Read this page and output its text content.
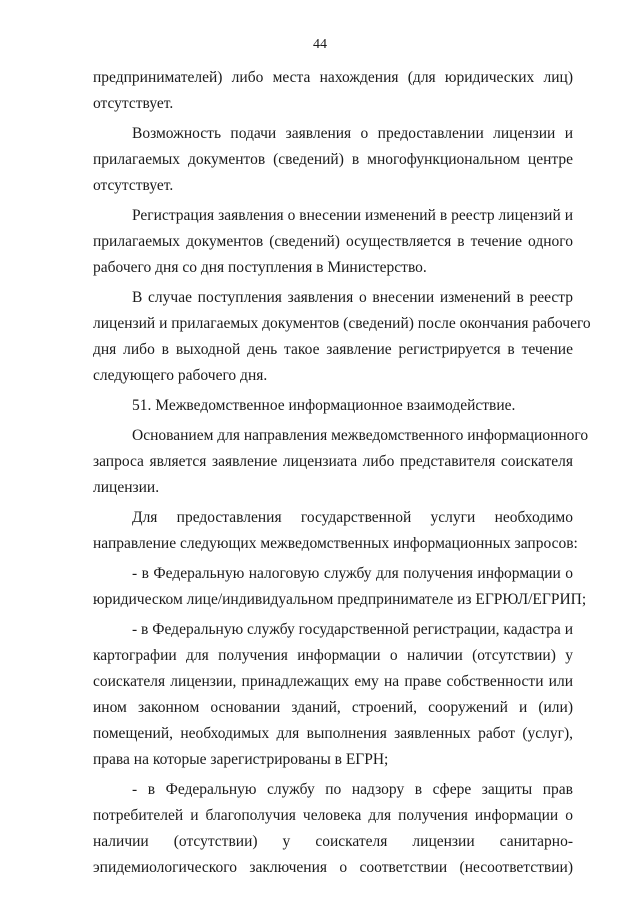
44
предпринимателей) либо места нахождения (для юридических лиц)
отсутствует.
Возможность подачи заявления о предоставлении лицензии и
прилагаемых документов (сведений) в многофункциональном центре
отсутствует.
Регистрация заявления о внесении изменений в реестр лицензий и
прилагаемых документов (сведений) осуществляется в течение одного
рабочего дня со дня поступления в Министерство.
В случае поступления заявления о внесении изменений в реестр
лицензий и прилагаемых документов (сведений) после окончания рабочего
дня либо в выходной день такое заявление регистрируется в течение
следующего рабочего дня.
51. Межведомственное информационное взаимодействие.
Основанием для направления межведомственного информационного
запроса является заявление лицензиата либо представителя соискателя
лицензии.
Для предоставления государственной услуги необходимо
направление следующих межведомственных информационных запросов:
- в Федеральную налоговую службу для получения информации о
юридическом лице/индивидуальном предпринимателе из ЕГРЮЛ/ЕГРИП;
- в Федеральную службу государственной регистрации, кадастра и
картографии для получения информации о наличии (отсутствии) у
соискателя лицензии, принадлежащих ему на праве собственности или
ином законном основании зданий, строений, сооружений и (или)
помещений, необходимых для выполнения заявленных работ (услуг),
права на которые зарегистрированы в ЕГРН;
- в Федеральную службу по надзору в сфере защиты прав
потребителей и благополучия человека для получения информации о
наличии (отсутствии) у соискателя лицензии санитарно-
эпидемиологического заключения о соответствии (несоответствии)
